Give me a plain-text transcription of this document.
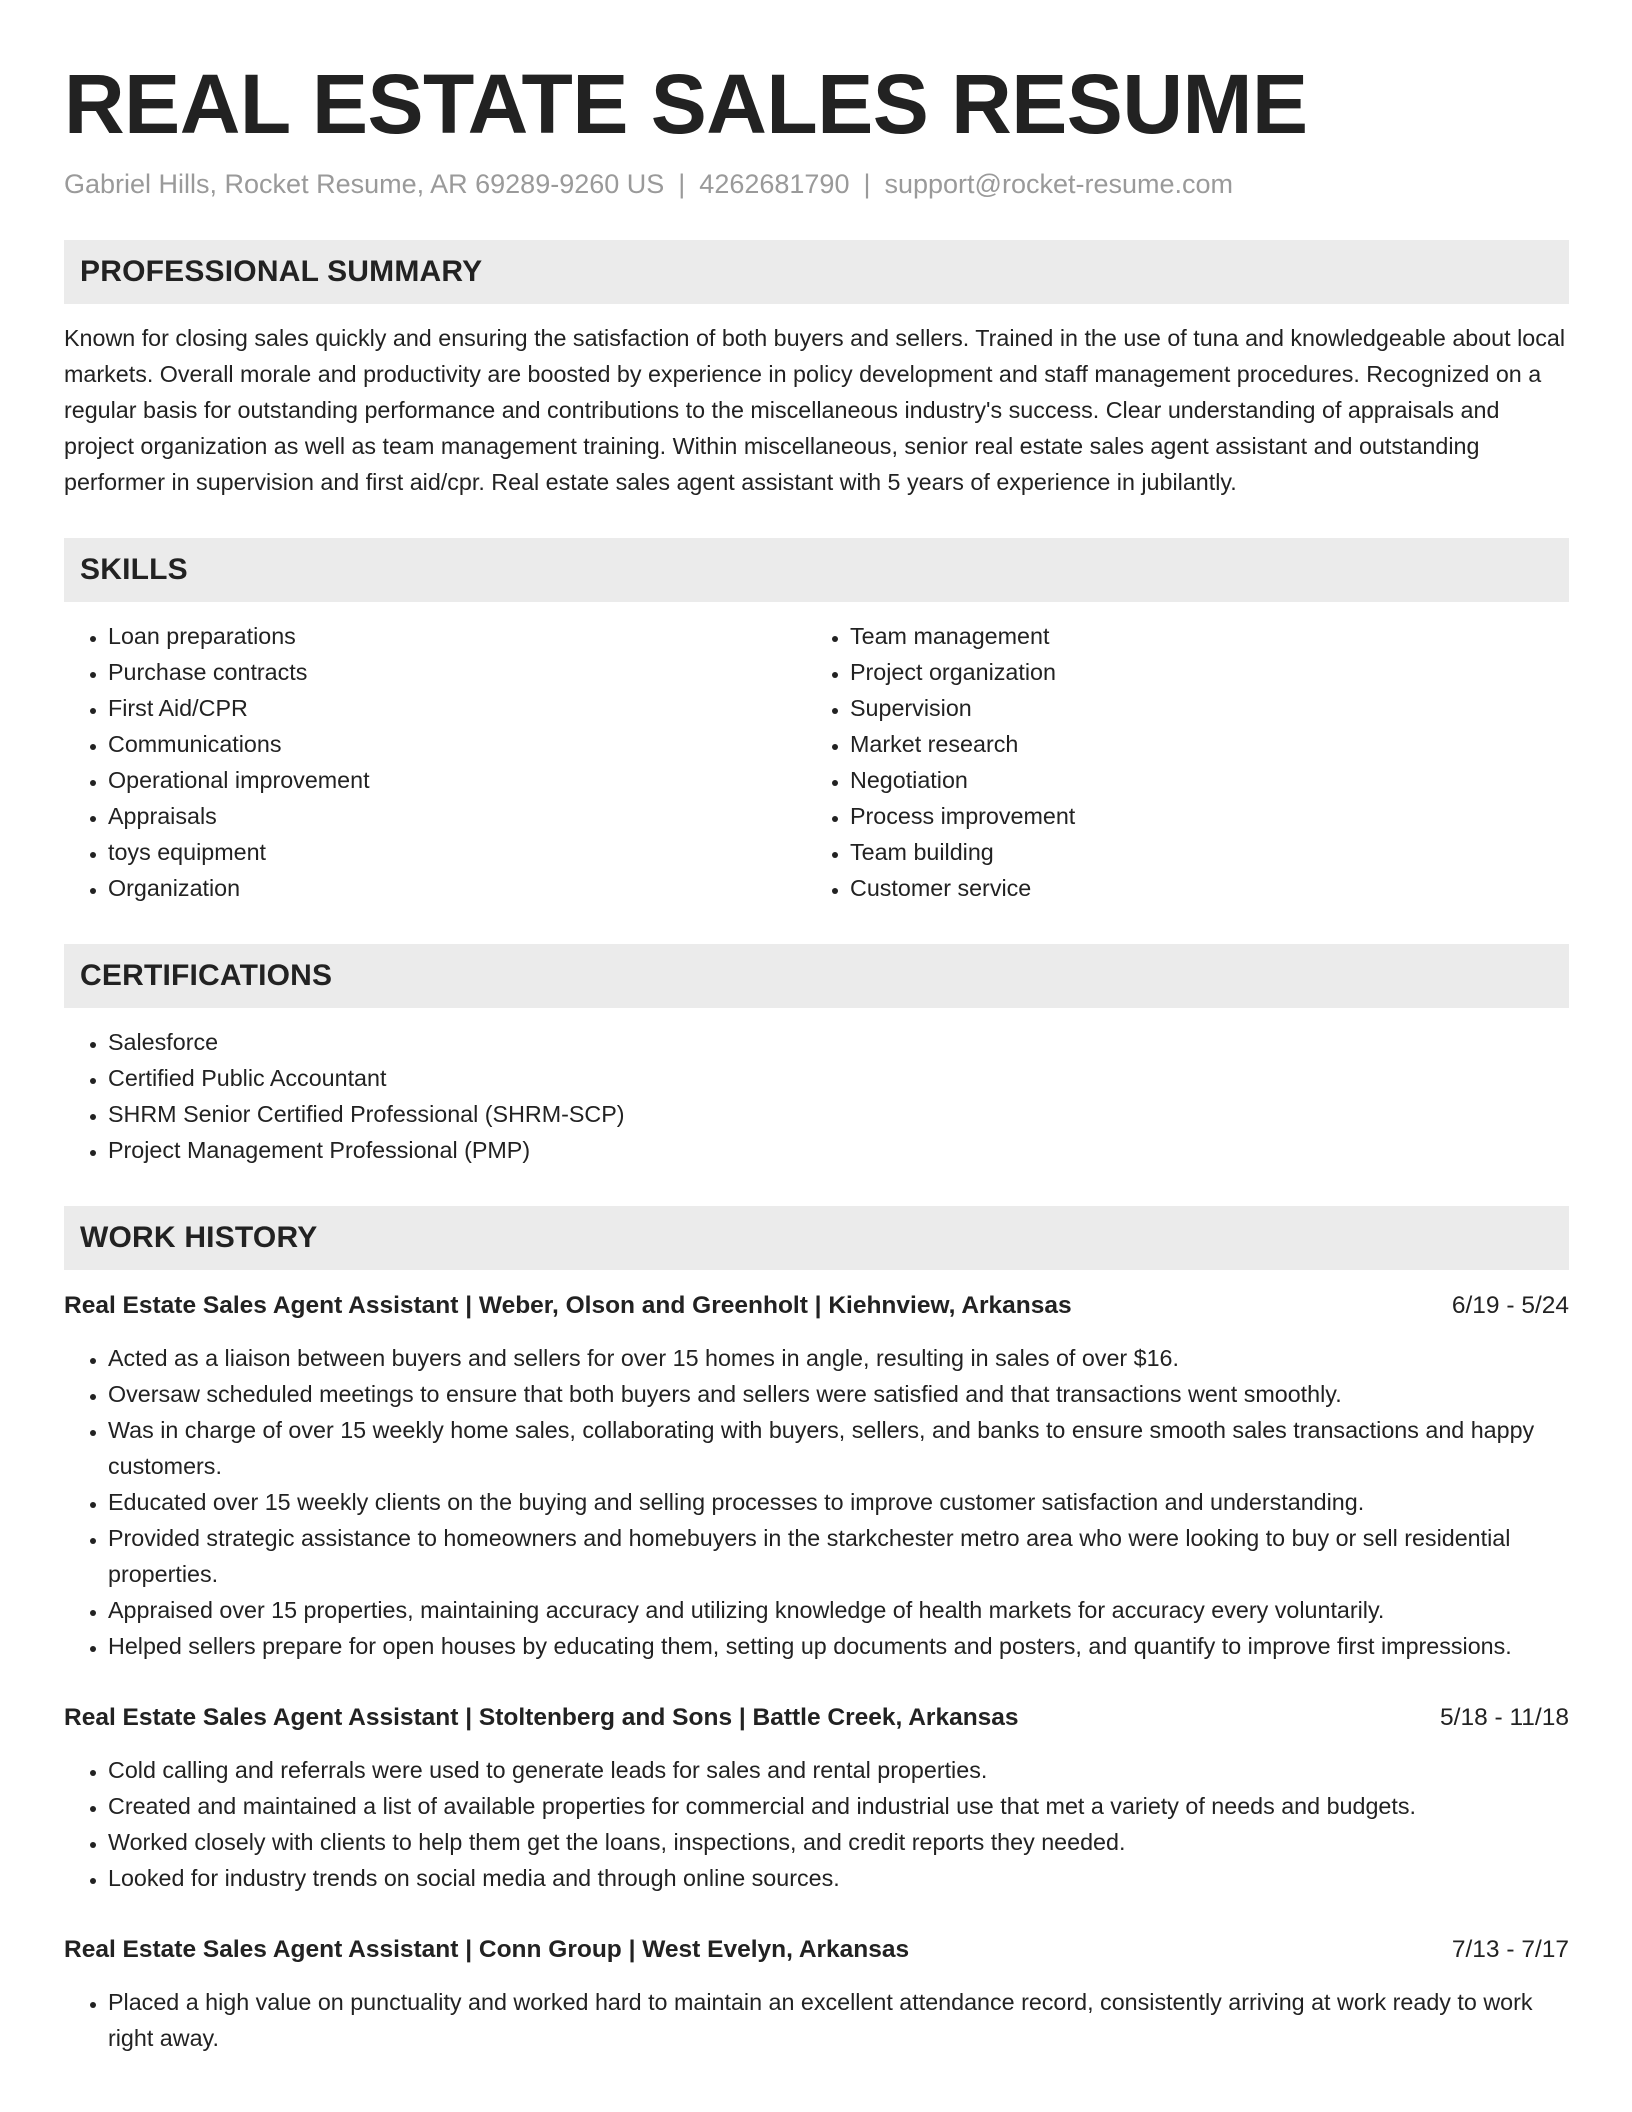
REAL ESTATE SALES RESUME
Gabriel Hills, Rocket Resume, AR 69289-9260 US | 4262681790 | support@rocket-resume.com
PROFESSIONAL SUMMARY

Known for closing sales quickly and ensuring the satisfaction of both buyers and sellers. Trained in the use of tuna and knowledgeable about local markets. Overall morale and productivity are boosted by experience in policy development and staff management procedures. Recognized on a regular basis for outstanding performance and contributions to the miscellaneous industry's success. Clear understanding of appraisals and project organization as well as team management training. Within miscellaneous, senior real estate sales agent assistant and outstanding performer in supervision and first aid/cpr. Real estate sales agent assistant with 5 years of experience in jubilantly.

SKILLS
• Loan preparations
• Purchase contracts
• First Aid/CPR
• Communications
• Operational improvement
• Appraisals
• toys equipment
• Organization
• Team management
• Project organization
• Supervision
• Market research
• Negotiation
• Process improvement
• Team building
• Customer service
CERTIFICATIONS
• Salesforce
• Certified Public Accountant
• SHRM Senior Certified Professional (SHRM-SCP)
• Project Management Professional (PMP)
WORK HISTORY
Real Estate Sales Agent Assistant | Weber, Olson and Greenholt | Kiehnview, Arkansas	6/19 - 5/24
• Acted as a liaison between buyers and sellers for over 15 homes in angle, resulting in sales of over $16.
• Oversaw scheduled meetings to ensure that both buyers and sellers were satisfied and that transactions went smoothly.
• Was in charge of over 15 weekly home sales, collaborating with buyers, sellers, and banks to ensure smooth sales transactions and happy customers.
• Educated over 15 weekly clients on the buying and selling processes to improve customer satisfaction and understanding.
• Provided strategic assistance to homeowners and homebuyers in the starkchester metro area who were looking to buy or sell residential properties.
• Appraised over 15 properties, maintaining accuracy and utilizing knowledge of health markets for accuracy every voluntarily.
• Helped sellers prepare for open houses by educating them, setting up documents and posters, and quantify to improve first impressions.
Real Estate Sales Agent Assistant | Stoltenberg and Sons | Battle Creek, Arkansas	5/18 - 11/18
• Cold calling and referrals were used to generate leads for sales and rental properties.
• Created and maintained a list of available properties for commercial and industrial use that met a variety of needs and budgets.
• Worked closely with clients to help them get the loans, inspections, and credit reports they needed.
• Looked for industry trends on social media and through online sources.
Real Estate Sales Agent Assistant | Conn Group | West Evelyn, Arkansas	7/13 - 7/17
• Placed a high value on punctuality and worked hard to maintain an excellent attendance record, consistently arriving at work ready to work right away.
